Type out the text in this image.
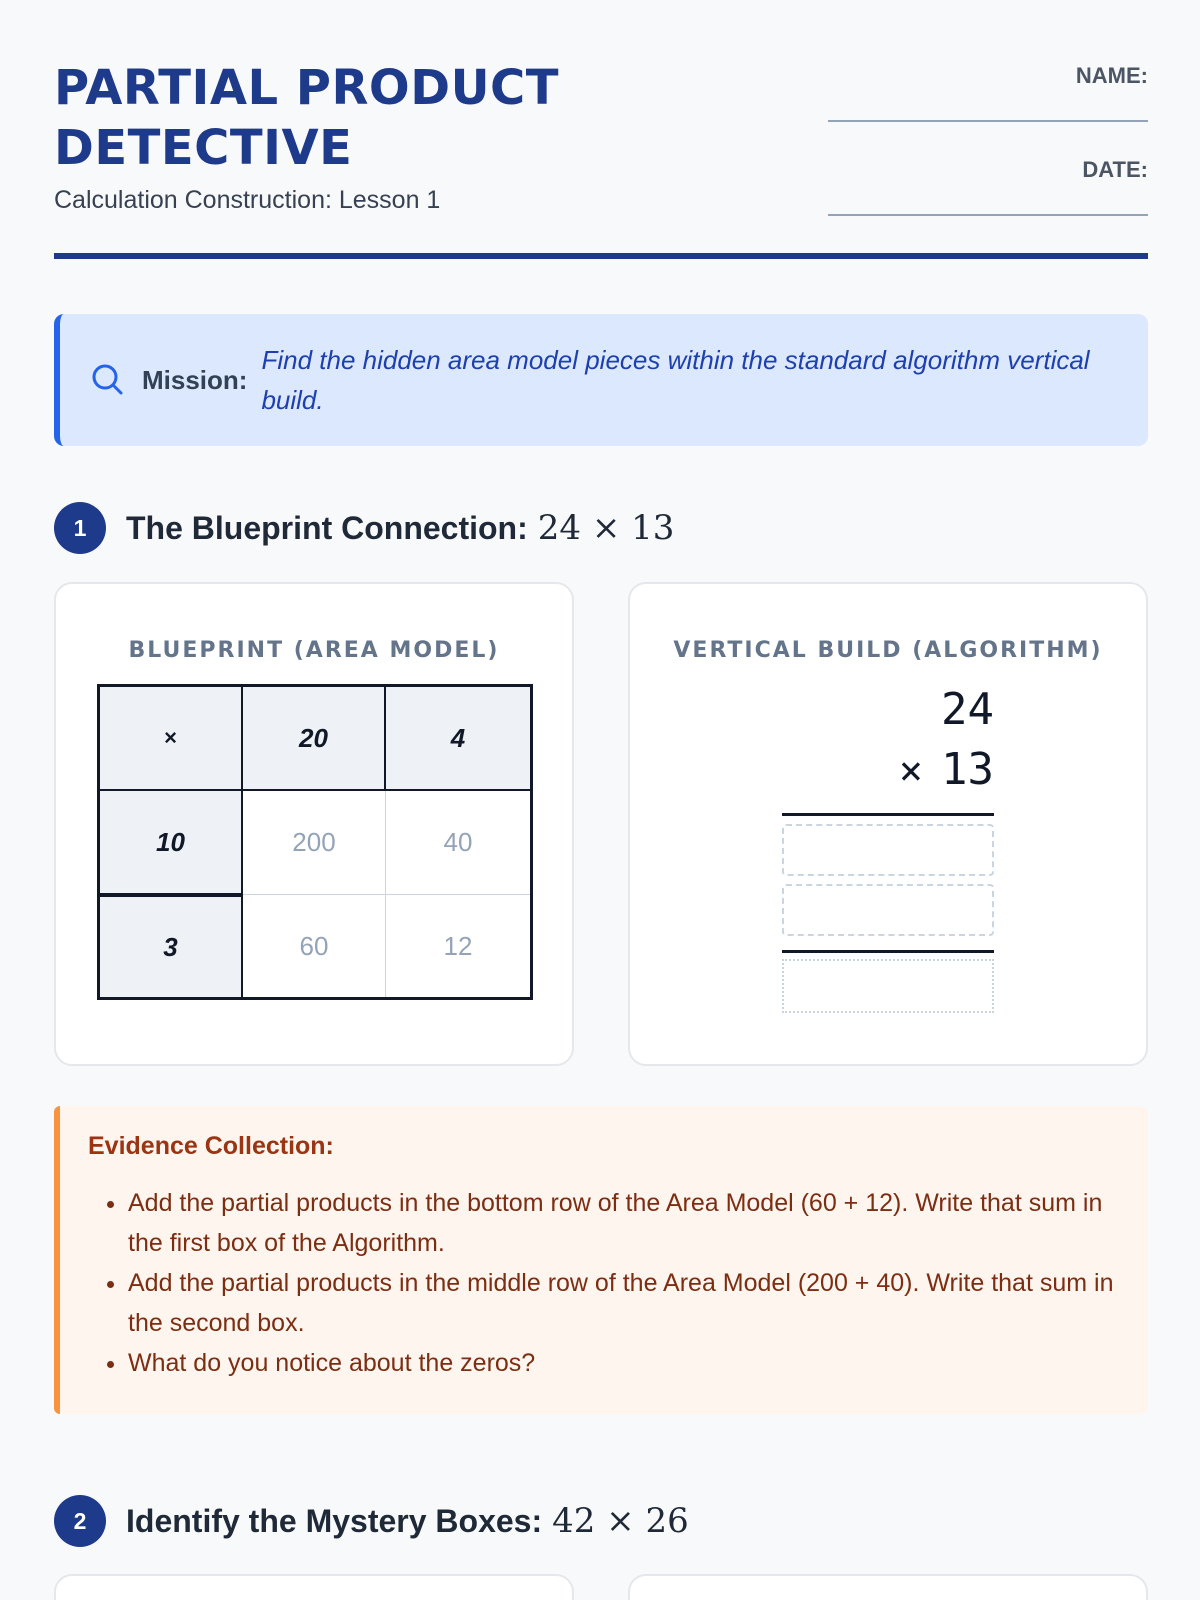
PARTIAL PRODUCT DETECTIVE
Calculation Construction: Lesson 1
NAME:
DATE:
Mission:
Find the hidden area model pieces within the standard algorithm vertical build.
1	The Blueprint Connection: 24 × 13
BLUEPRINT (AREA MODEL)
×	20	4
10	200	40
3	60	12
VERTICAL BUILD (ALGORITHM)
24
× 13
Evidence Collection:
• Add the partial products in the bottom row of the Area Model (60 + 12). Write that sum in the first box of the Algorithm.
• Add the partial products in the middle row of the Area Model (200 + 40). Write that sum in the second box.
• What do you notice about the zeros?
2	Identify the Mystery Boxes: 42 × 26
